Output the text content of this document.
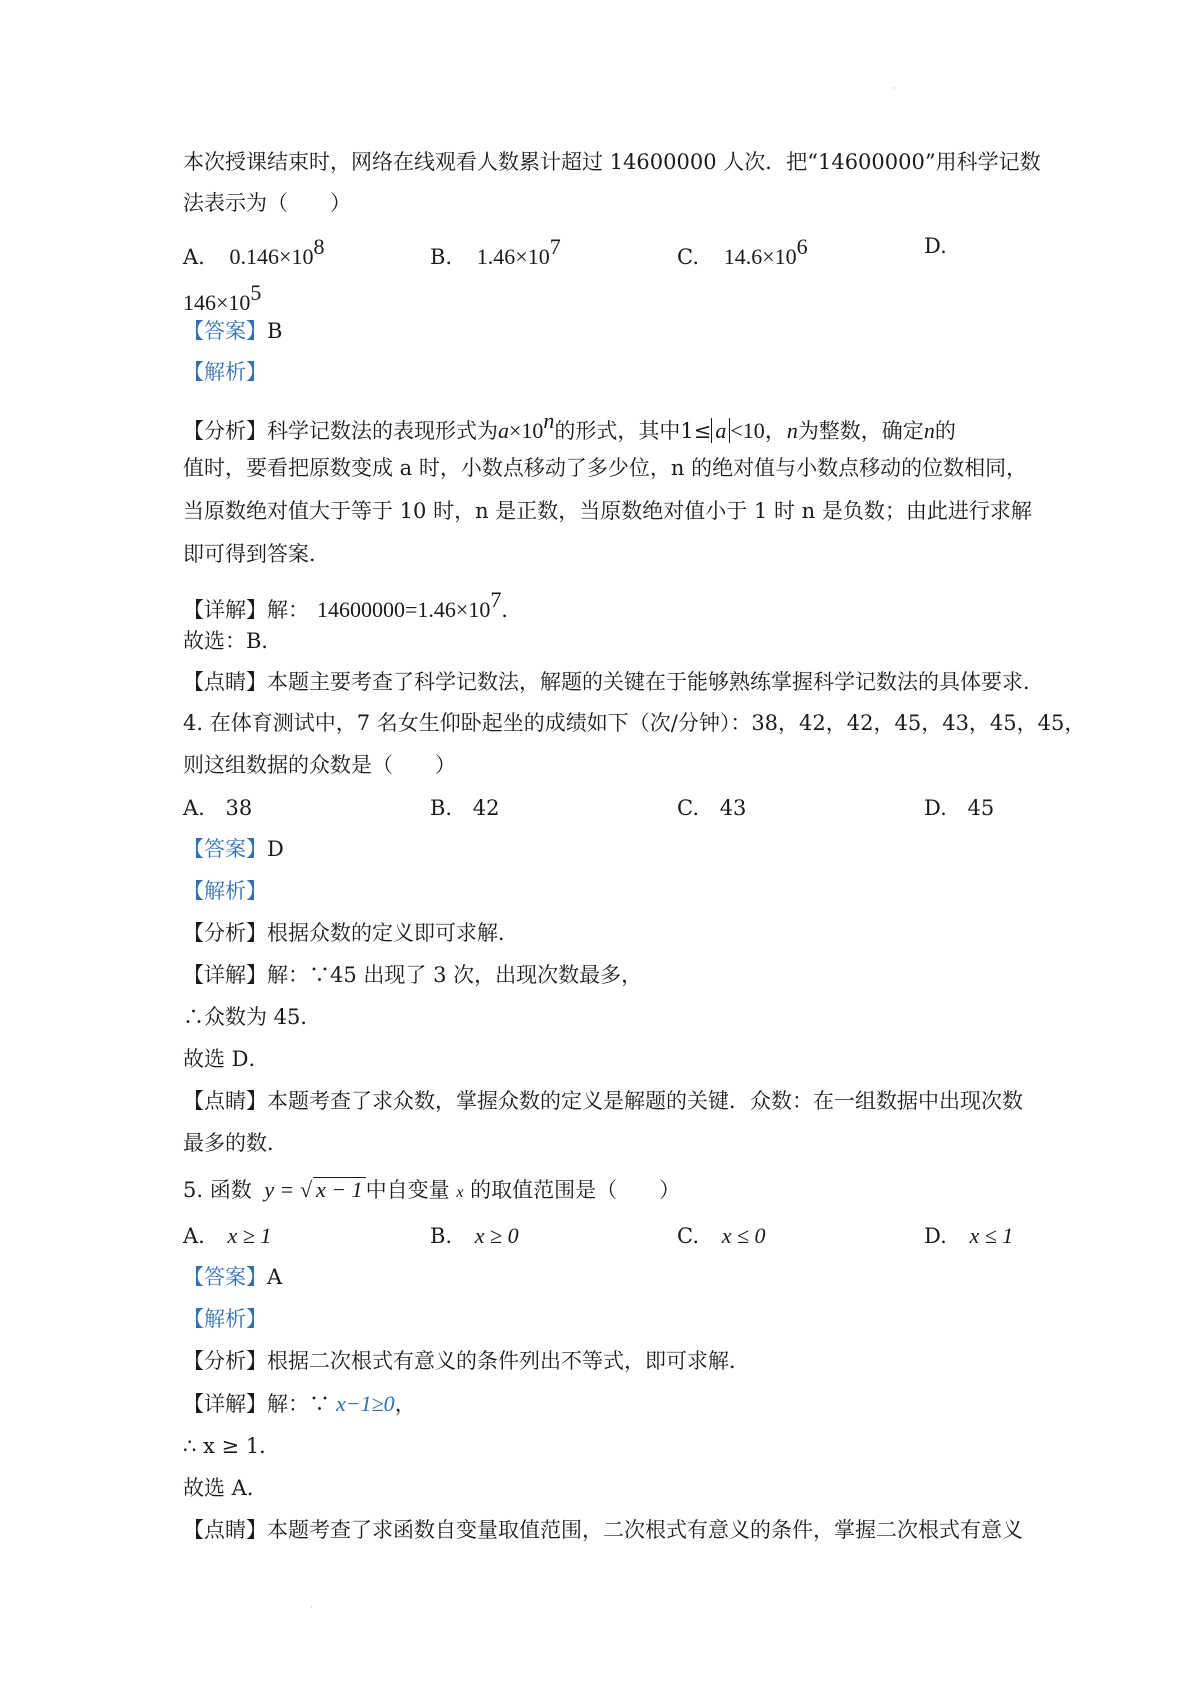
·
本次授课结束时，网络在线观看人数累计超过 14600000 人次．把“14600000”用科学记数
法表示为（　　）
A. $0.146\times 10^8$	B. $1.46\times 10^7$	C. $14.6\times 10^6$	D.
$146\times 10^5$
【答案】B
【解析】
【分析】科学记数法的表现形式为$a\times 10^n$的形式，其中1≤ a <10，n为整数，确定n的
值时，要看把原数变成 a 时，小数点移动了多少位，n 的绝对值与小数点移动的位数相同，
当原数绝对值大于等于 10 时，n 是正数，当原数绝对值小于 1 时 n 是负数；由此进行求解
即可得到答案．
【详解】解： $14600000=1.46\times 10^7$．
故选：B．
【点睛】本题主要考查了科学记数法，解题的关键在于能够熟练掌握科学记数法的具体要求．
4. 在体育测试中，7 名女生仰卧起坐的成绩如下（次/分钟）：38，42，42，45，43，45，45，
则这组数据的众数是（　　）
A. 38	B. 42	C. 43	D. 45
【答案】D
【解析】
【分析】根据众数的定义即可求解．
【详解】解：∵45 出现了 3 次，出现次数最多，
∴众数为 45．
故选 D．
【点睛】本题考查了求众数，掌握众数的定义是解题的关键．众数：在一组数据中出现次数
最多的数．
5. 函数 y = √ x − 1 中自变量 x 的取值范围是（　　）
A. x ≥ 1	B. x ≥ 0	C. x ≤ 0	D. x ≤ 1
【答案】A
【解析】
【分析】根据二次根式有意义的条件列出不等式，即可求解．
【详解】解：∵ x−1≥0，
∴ x ≥ 1．
故选 A．
【点睛】本题考查了求函数自变量取值范围，二次根式有意义的条件，掌握二次根式有意义
·
